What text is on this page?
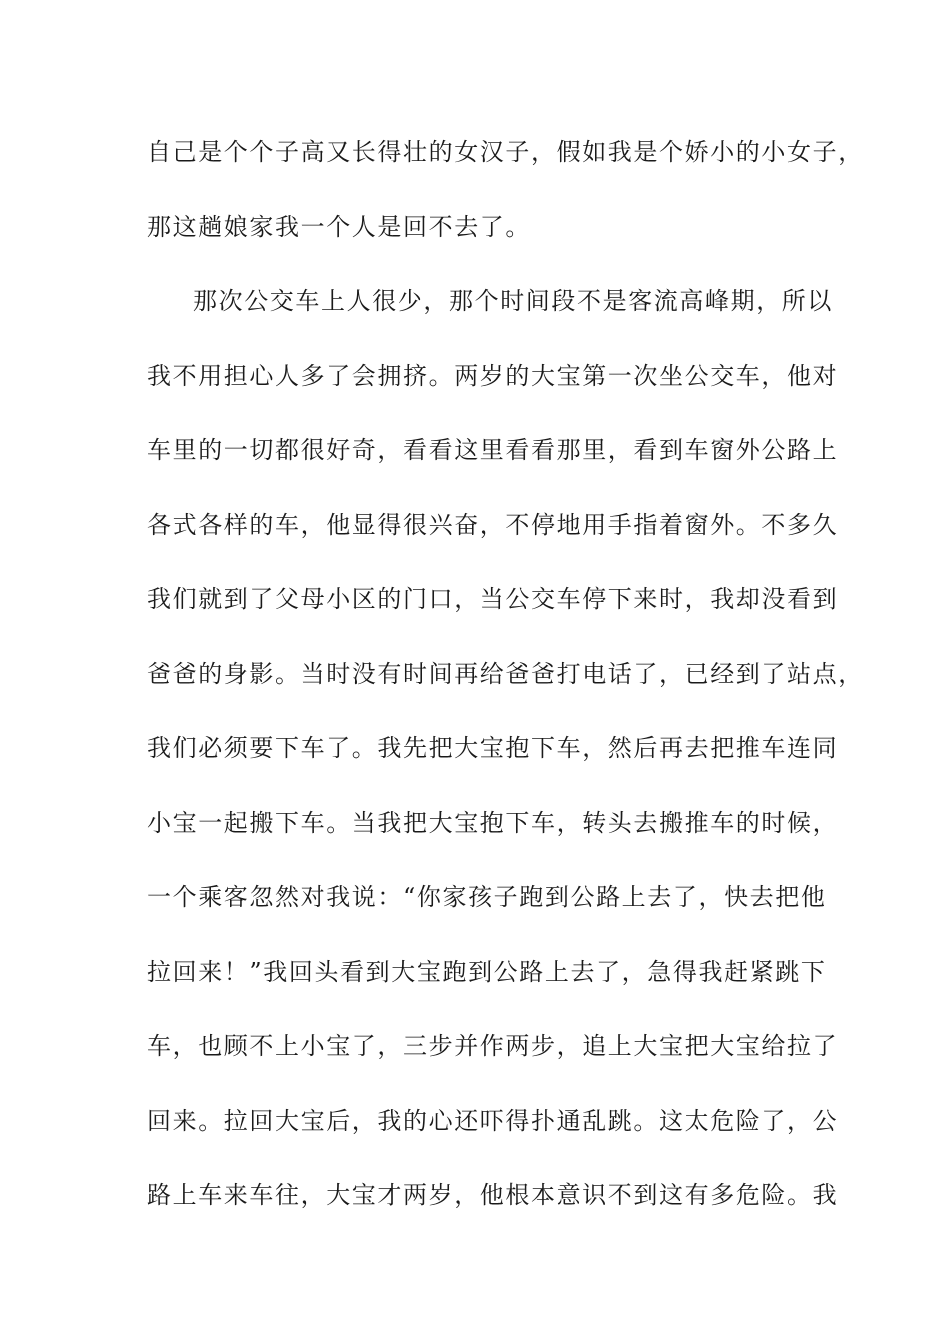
自己是个个子高又长得壮的女汉子，假如我是个娇小的小女子，
那这趟娘家我一个人是回不去了。
那次公交车上人很少，那个时间段不是客流高峰期，所以
我不用担心人多了会拥挤。两岁的大宝第一次坐公交车，他对
车里的一切都很好奇，看看这里看看那里，看到车窗外公路上
各式各样的车，他显得很兴奋，不停地用手指着窗外。不多久
我们就到了父母小区的门口，当公交车停下来时，我却没看到
爸爸的身影。当时没有时间再给爸爸打电话了，已经到了站点，
我们必须要下车了。我先把大宝抱下车，然后再去把推车连同
小宝一起搬下车。当我把大宝抱下车，转头去搬推车的时候，
一个乘客忽然对我说：“你家孩子跑到公路上去了，快去把他
拉回来！”我回头看到大宝跑到公路上去了，急得我赶紧跳下
车，也顾不上小宝了，三步并作两步，追上大宝把大宝给拉了
回来。拉回大宝后，我的心还吓得扑通乱跳。这太危险了，公
路上车来车往，大宝才两岁，他根本意识不到这有多危险。我
